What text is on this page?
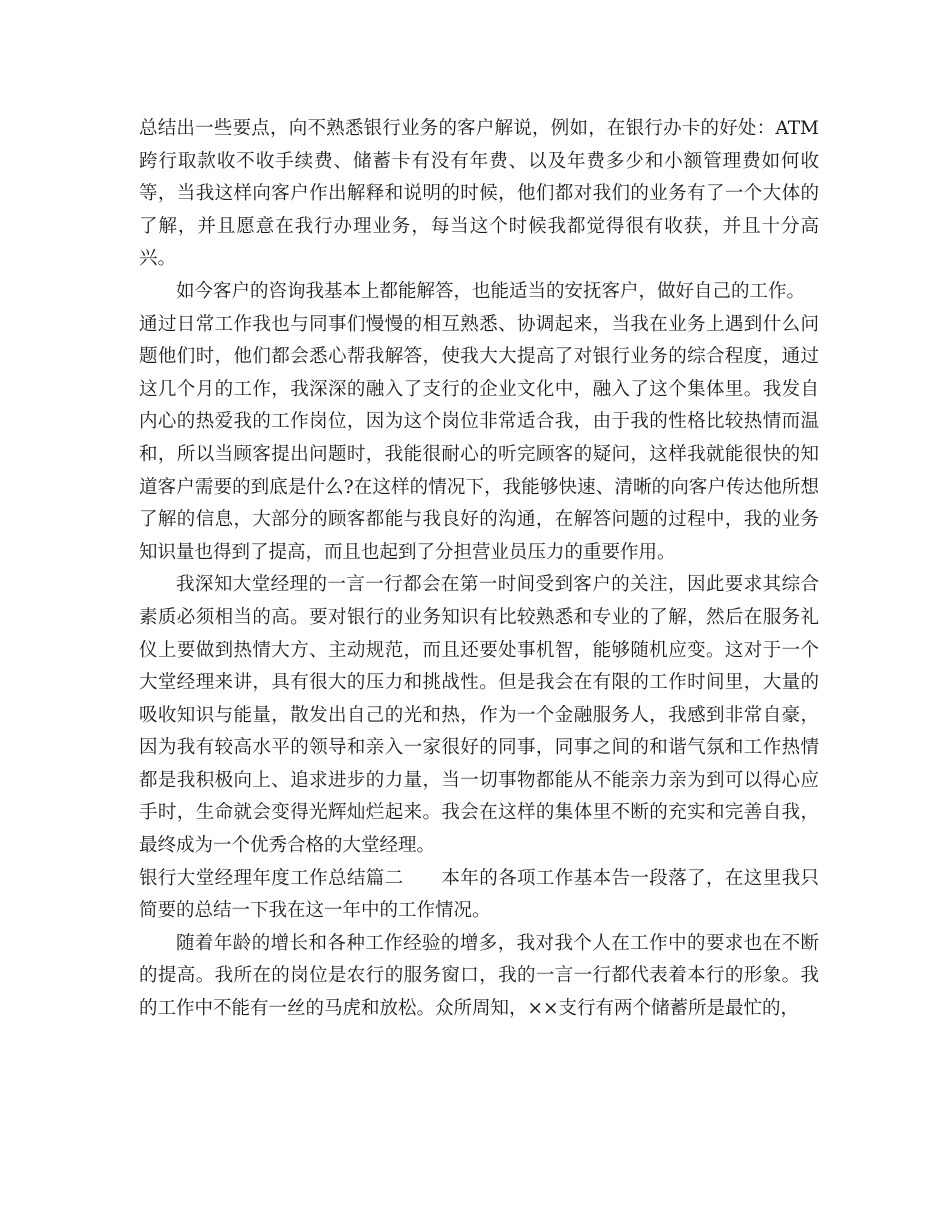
总结出一些要点，向不熟悉银行业务的客户解说，例如，在银行办卡的好处：ATM跨行取款收不收手续费、储蓄卡有没有年费、以及年费多少和小额管理费如何收等，当我这样向客户作出解释和说明的时候，他们都对我们的业务有了一个大体的了解，并且愿意在我行办理业务，每当这个时候我都觉得很有收获，并且十分高兴。

如今客户的咨询我基本上都能解答，也能适当的安抚客户，做好自己的工作。

通过日常工作我也与同事们慢慢的相互熟悉、协调起来，当我在业务上遇到什么问题他们时，他们都会悉心帮我解答，使我大大提高了对银行业务的综合程度，通过这几个月的工作，我深深的融入了支行的企业文化中，融入了这个集体里。我发自内心的热爱我的工作岗位，因为这个岗位非常适合我，由于我的性格比较热情而温和，所以当顾客提出问题时，我能很耐心的听完顾客的疑问，这样我就能很快的知道客户需要的到底是什么?在这样的情况下，我能够快速、清晰的向客户传达他所想了解的信息，大部分的顾客都能与我良好的沟通，在解答问题的过程中，我的业务知识量也得到了提高，而且也起到了分担营业员压力的重要作用。

我深知大堂经理的一言一行都会在第一时间受到客户的关注，因此要求其综合素质必须相当的高。要对银行的业务知识有比较熟悉和专业的了解，然后在服务礼仪上要做到热情大方、主动规范，而且还要处事机智，能够随机应变。这对于一个大堂经理来讲，具有很大的压力和挑战性。但是我会在有限的工作时间里，大量的吸收知识与能量，散发出自己的光和热，作为一个金融服务人，我感到非常自豪，因为我有较高水平的领导和亲入一家很好的同事，同事之间的和谐气氛和工作热情都是我积极向上、追求进步的力量，当一切事物都能从不能亲力亲为到可以得心应手时，生命就会变得光辉灿烂起来。我会在这样的集体里不断的充实和完善自我，最终成为一个优秀合格的大堂经理。

银行大堂经理年度工作总结篇二　　本年的各项工作基本告一段落了，在这里我只简要的总结一下我在这一年中的工作情况。

随着年龄的增长和各种工作经验的增多，我对我个人在工作中的要求也在不断的提高。我所在的岗位是农行的服务窗口，我的一言一行都代表着本行的形象。我的工作中不能有一丝的马虎和放松。众所周知，××支行有两个储蓄所是最忙的，
